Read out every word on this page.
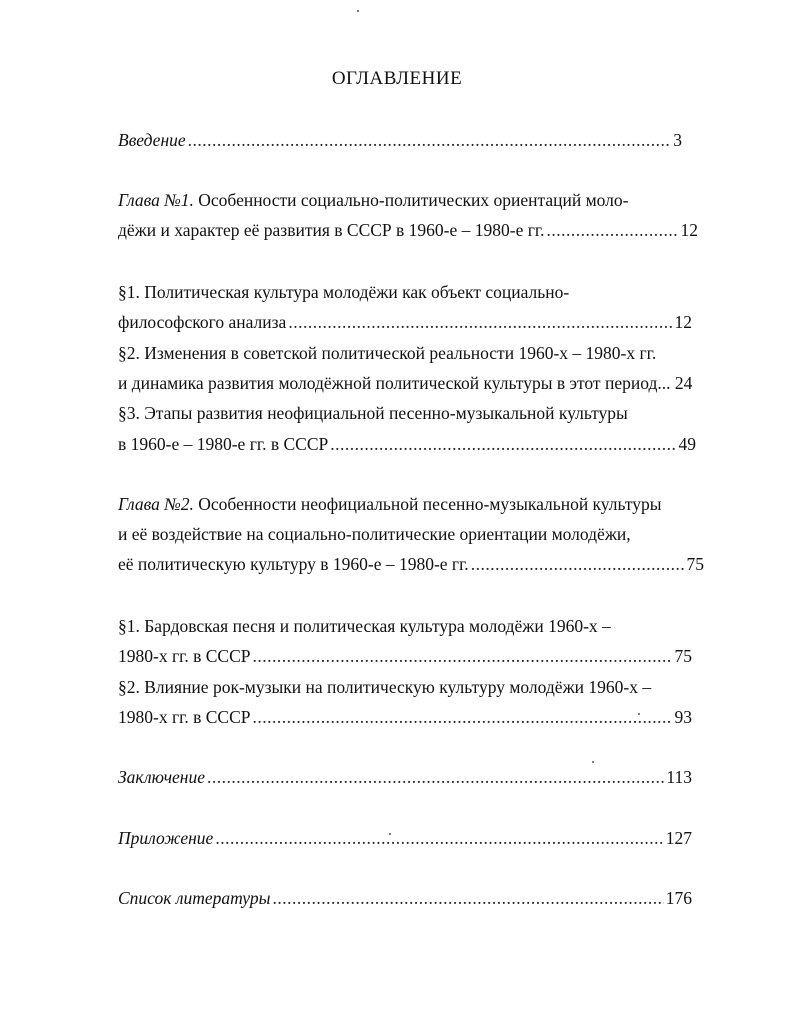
ОГЛАВЛЕНИЕ
Введение .....	3
Глава №1. Особенности социально-политических ориентаций моло-
дёжи и характер её развития в СССР в 1960-е – 1980-е гг. .....	12
§1. Политическая культура молодёжи как объект социально-
философского анализа .....	12
§2. Изменения в советской политической реальности 1960-х – 1980-х гг.
и динамика развития молодёжной политической культуры в этот период... 24
§3. Этапы развития неофициальной песенно-музыкальной культуры
в 1960-е – 1980-е гг. в СССР .....	49
Глава №2. Особенности неофициальной песенно-музыкальной культуры
и её воздействие на социально-политические ориентации молодёжи,
её политическую культуру в 1960-е – 1980-е гг. .....	75
§1. Бардовская песня и политическая культура молодёжи 1960-х –
1980-х гг. в СССР .....	75
§2. Влияние рок-музыки на политическую культуру молодёжи 1960-х –
1980-х гг. в СССР .....	93
Заключение .....	113
Приложение .....	127
Список литературы .....	176
